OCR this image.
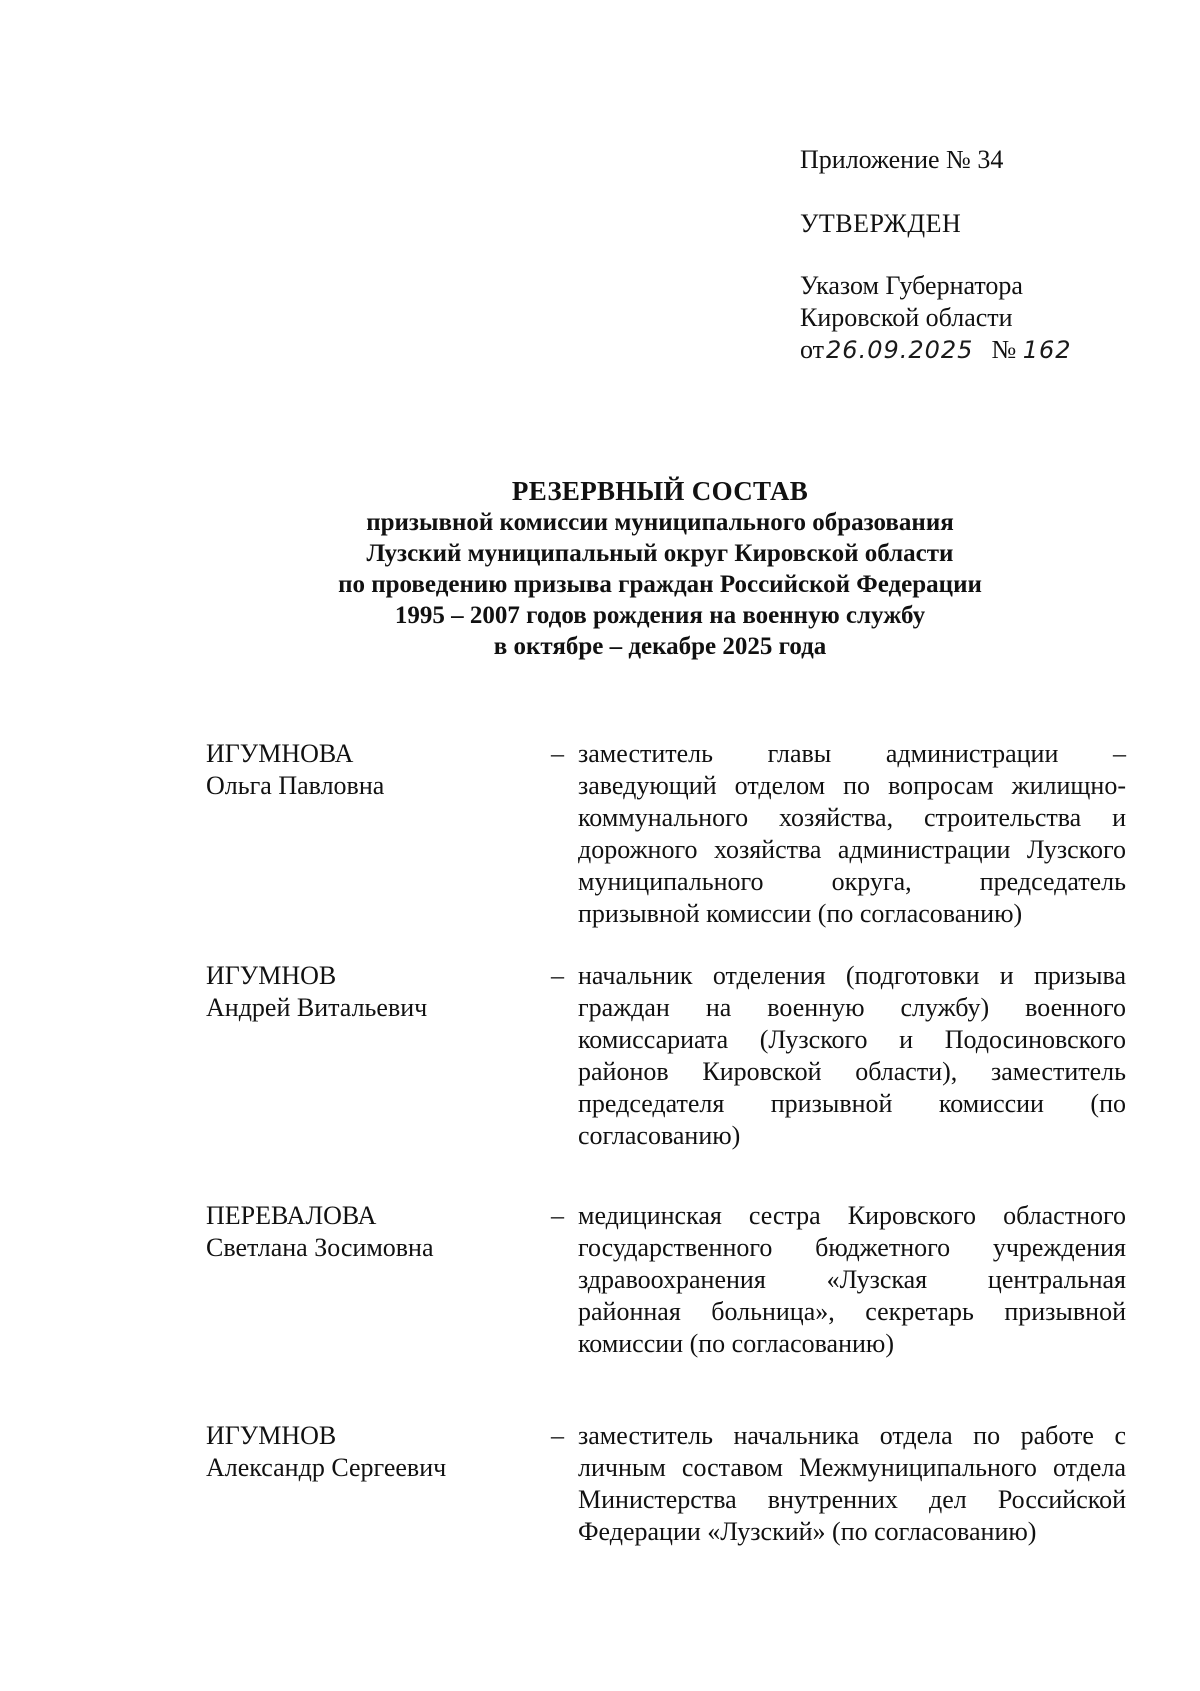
Приложение № 34

УТВЕРЖДЕН

Указом Губернатора

Кировской области

от26.09.2025 № 162

РЕЗЕРВНЫЙ СОСТАВ
призывной комиссии муниципального образования
Лузский муниципальный округ Кировской области
по проведению призыва граждан Российской Федерации
1995 – 2007 годов рождения на военную службу
в октябре – декабре 2025 года
ИГУМНОВА
Ольга Павловна
– заместитель главы администрации – заведующий отделом по вопросам жилищно-коммунального хозяйства, строительства и дорожного хозяйства администрации Лузского муниципального округа, председатель призывной комиссии (по согласованию)
ИГУМНОВ
Андрей Витальевич
– начальник отделения (подготовки и призыва граждан на военную службу) военного комиссариата (Лузского и Подосиновского районов Кировской области), заместитель председателя призывной комиссии (по согласованию)
ПЕРЕВАЛОВА
Светлана Зосимовна
– медицинская сестра Кировского областного государственного бюджетного учреждения здравоохранения «Лузская центральная районная больница», секретарь призывной комиссии (по согласованию)
ИГУМНОВ
Александр Сергеевич
– заместитель начальника отдела по работе с личным составом Межмуниципального отдела Министерства внутренних дел Российской Федерации «Лузский» (по согласованию)
